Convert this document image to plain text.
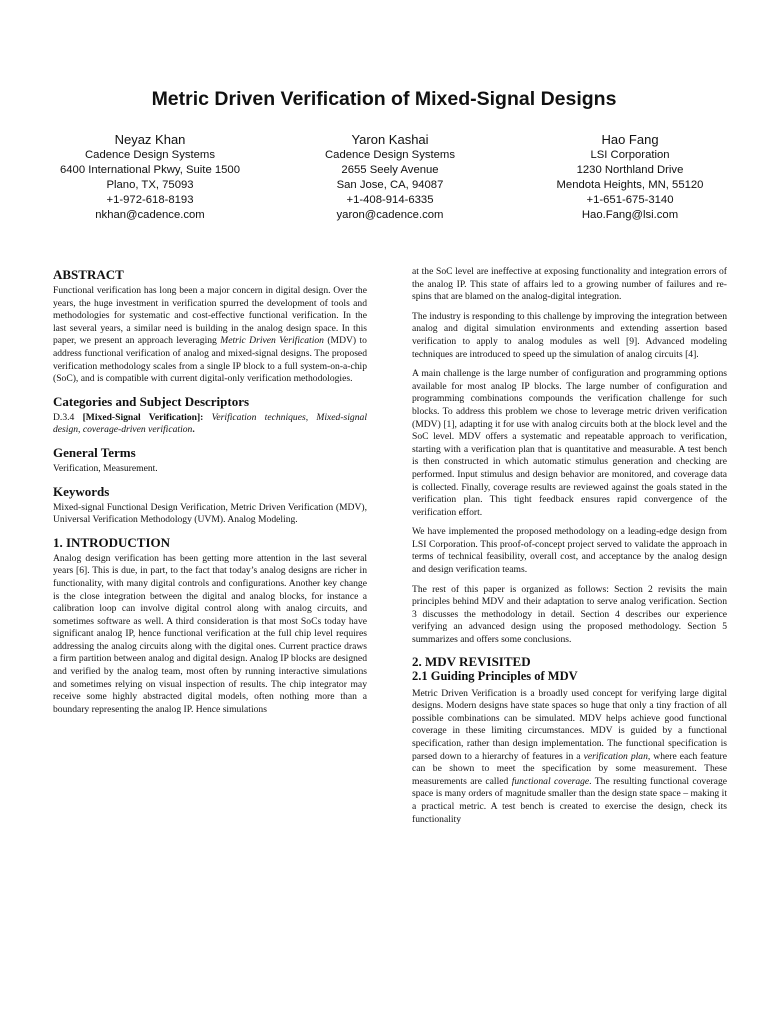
Metric Driven Verification of Mixed-Signal Designs
Neyaz Khan
Cadence Design Systems
6400 International Pkwy, Suite 1500
Plano, TX, 75093
+1-972-618-8193
nkhan@cadence.com
Yaron Kashai
Cadence Design Systems
2655 Seely Avenue
San Jose, CA, 94087
+1-408-914-6335
yaron@cadence.com
Hao Fang
LSI Corporation
1230 Northland Drive
Mendota Heights, MN, 55120
+1-651-675-3140
Hao.Fang@lsi.com
ABSTRACT

Functional verification has long been a major concern in digital design. Over the years, the huge investment in verification spurred the development of tools and methodologies for systematic and cost-effective functional verification. In the last several years, a similar need is building in the analog design space. In this paper, we present an approach leveraging Metric Driven Verification (MDV) to address functional verification of analog and mixed-signal designs. The proposed verification methodology scales from a single IP block to a full system-on-a-chip (SoC), and is compatible with current digital-only verification methodologies.

Categories and Subject Descriptors

D.3.4 [Mixed-Signal Verification]: Verification techniques, Mixed-signal design, coverage-driven verification.

General Terms

Verification, Measurement.

Keywords

Mixed-signal Functional Design Verification, Metric Driven Verification (MDV), Universal Verification Methodology (UVM). Analog Modeling.

1. INTRODUCTION

Analog design verification has been getting more attention in the last several years [6]. This is due, in part, to the fact that today’s analog designs are richer in functionality, with many digital controls and configurations. Another key change is the close integration between the digital and analog blocks, for instance a calibration loop can involve digital control along with analog circuits, and sometimes software as well. A third consideration is that most SoCs today have significant analog IP, hence functional verification at the full chip level requires addressing the analog circuits along with the digital ones. Current practice draws a firm partition between analog and digital design. Analog IP blocks are designed and verified by the analog team, most often by running interactive simulations and sometimes relying on visual inspection of results. The chip integrator may receive some highly abstracted digital models, often nothing more than a boundary representing the analog IP. Hence simulations

at the SoC level are ineffective at exposing functionality and integration errors of the analog IP. This state of affairs led to a growing number of failures and re-spins that are blamed on the analog-digital integration.

The industry is responding to this challenge by improving the integration between analog and digital simulation environments and extending assertion based verification to apply to analog modules as well [9]. Advanced modeling techniques are introduced to speed up the simulation of analog circuits [4].

A main challenge is the large number of configuration and programming options available for most analog IP blocks. The large number of configuration and programming combinations compounds the verification challenge for such blocks. To address this problem we chose to leverage metric driven verification (MDV) [1], adapting it for use with analog circuits both at the block level and the SoC level. MDV offers a systematic and repeatable approach to verification, starting with a verification plan that is quantitative and measurable. A test bench is then constructed in which automatic stimulus generation and checking are performed. Input stimulus and design behavior are monitored, and coverage data is collected. Finally, coverage results are reviewed against the goals stated in the verification plan. This tight feedback ensures rapid convergence of the verification effort.

We have implemented the proposed methodology on a leading-edge design from LSI Corporation. This proof-of-concept project served to validate the approach in terms of technical feasibility, overall cost, and acceptance by the analog design and design verification teams.

The rest of this paper is organized as follows: Section 2 revisits the main principles behind MDV and their adaptation to serve analog verification. Section 3 discusses the methodology in detail. Section 4 describes our experience verifying an advanced design using the proposed methodology. Section 5 summarizes and offers some conclusions.

2. MDV REVISITED
2.1 Guiding Principles of MDV

Metric Driven Verification is a broadly used concept for verifying large digital designs. Modern designs have state spaces so huge that only a tiny fraction of all possible combinations can be simulated. MDV helps achieve good functional coverage in these limiting circumstances. MDV is guided by a functional specification, rather than design implementation. The functional specification is parsed down to a hierarchy of features in a verification plan, where each feature can be shown to meet the specification by some measurement. These measurements are called functional coverage. The resulting functional coverage space is many orders of magnitude smaller than the design state space – making it a practical metric. A test bench is created to exercise the design, check its functionality
